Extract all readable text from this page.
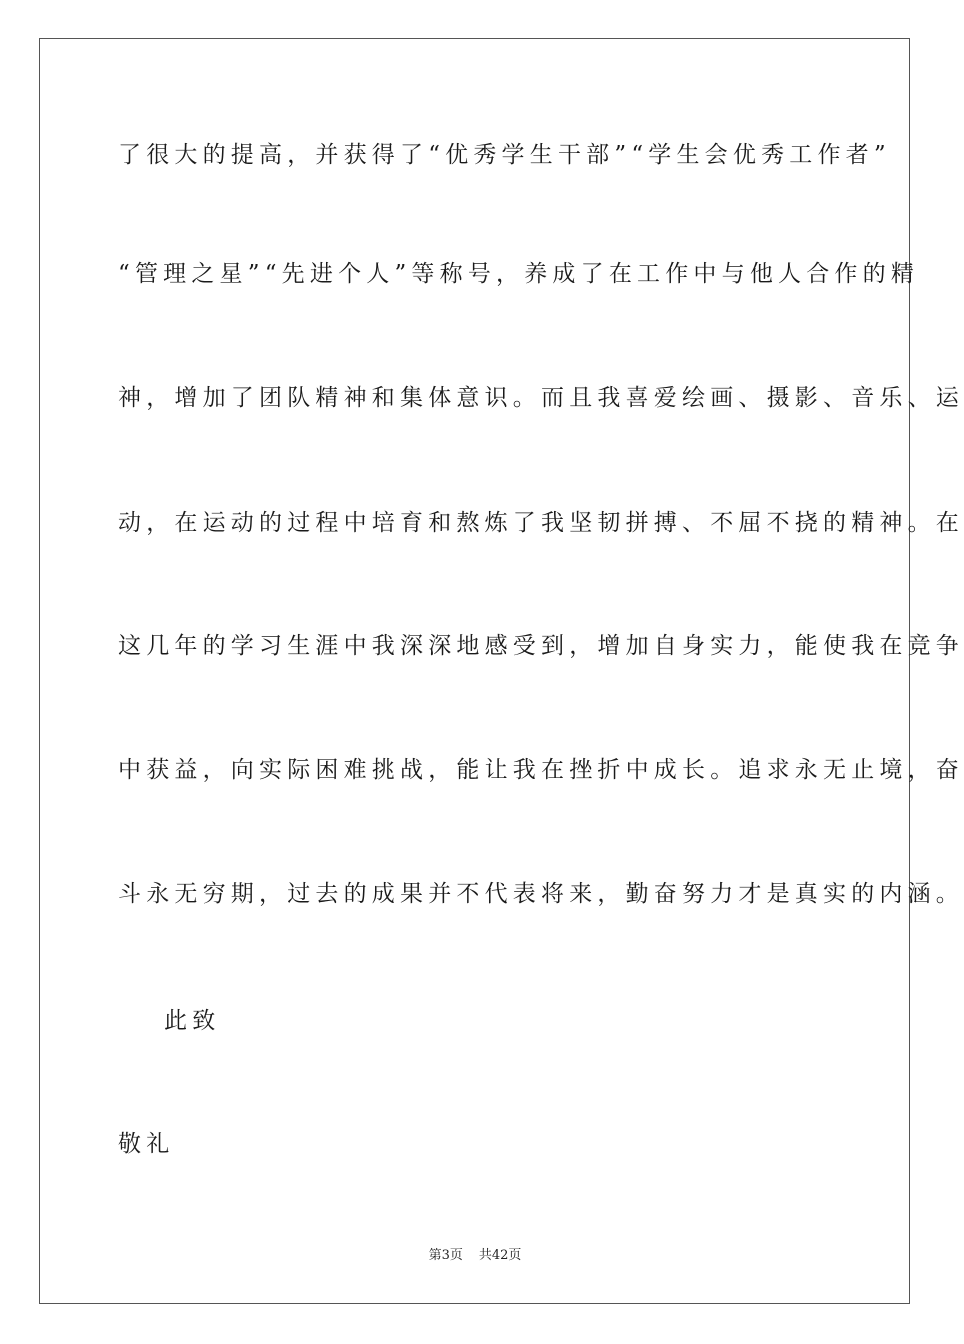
了很大的提高，并获得了“优秀学生干部”“学生会优秀工作者”
“管理之星”“先进个人”等称号，养成了在工作中与他人合作的精
神，增加了团队精神和集体意识。而且我喜爱绘画、摄影、音乐、运
动，在运动的过程中培育和熬炼了我坚韧拼搏、不屈不挠的精神。在
这几年的学习生涯中我深深地感受到，增加自身实力，能使我在竞争
中获益，向实际困难挑战，能让我在挫折中成长。追求永无止境，奋
斗永无穷期，过去的成果并不代表将来，勤奋努力才是真实的内涵。
此致
敬礼
第3页 共42页
